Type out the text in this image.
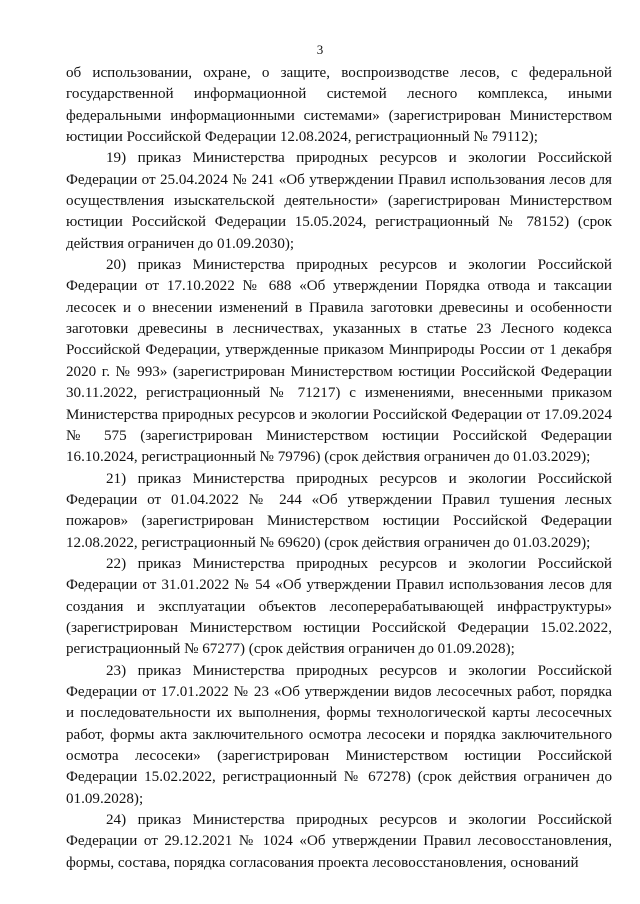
3

об использовании, охране, о защите, воспроизводстве лесов, с федеральной государственной информационной системой лесного комплекса, иными федеральными информационными системами» (зарегистрирован Министерством юстиции Российской Федерации 12.08.2024, регистрационный № 79112);

19) приказ Министерства природных ресурсов и экологии Российской Федерации от 25.04.2024 № 241 «Об утверждении Правил использования лесов для осуществления изыскательской деятельности» (зарегистрирован Министерством юстиции Российской Федерации 15.05.2024, регистрационный № 78152) (срок действия ограничен до 01.09.2030);

20) приказ Министерства природных ресурсов и экологии Российской Федерации от 17.10.2022 № 688 «Об утверждении Порядка отвода и таксации лесосек и о внесении изменений в Правила заготовки древесины и особенности заготовки древесины в лесничествах, указанных в статье 23 Лесного кодекса Российской Федерации, утвержденные приказом Минприроды России от 1 декабря 2020 г. № 993» (зарегистрирован Министерством юстиции Российской Федерации 30.11.2022, регистрационный № 71217) с изменениями, внесенными приказом Министерства природных ресурсов и экологии Российской Федерации от 17.09.2024 № 575 (зарегистрирован Министерством юстиции Российской Федерации 16.10.2024, регистрационный № 79796) (срок действия ограничен до 01.03.2029);

21) приказ Министерства природных ресурсов и экологии Российской Федерации от 01.04.2022 № 244 «Об утверждении Правил тушения лесных пожаров» (зарегистрирован Министерством юстиции Российской Федерации 12.08.2022, регистрационный № 69620) (срок действия ограничен до 01.03.2029);

22) приказ Министерства природных ресурсов и экологии Российской Федерации от 31.01.2022 № 54 «Об утверждении Правил использования лесов для создания и эксплуатации объектов лесоперерабатывающей инфраструктуры» (зарегистрирован Министерством юстиции Российской Федерации 15.02.2022, регистрационный № 67277) (срок действия ограничен до 01.09.2028);

23) приказ Министерства природных ресурсов и экологии Российской Федерации от 17.01.2022 № 23 «Об утверждении видов лесосечных работ, порядка и последовательности их выполнения, формы технологической карты лесосечных работ, формы акта заключительного осмотра лесосеки и порядка заключительного осмотра лесосеки» (зарегистрирован Министерством юстиции Российской Федерации 15.02.2022, регистрационный № 67278) (срок действия ограничен до 01.09.2028);

24) приказ Министерства природных ресурсов и экологии Российской Федерации от 29.12.2021 № 1024 «Об утверждении Правил лесовосстановления, формы, состава, порядка согласования проекта лесовосстановления, оснований
